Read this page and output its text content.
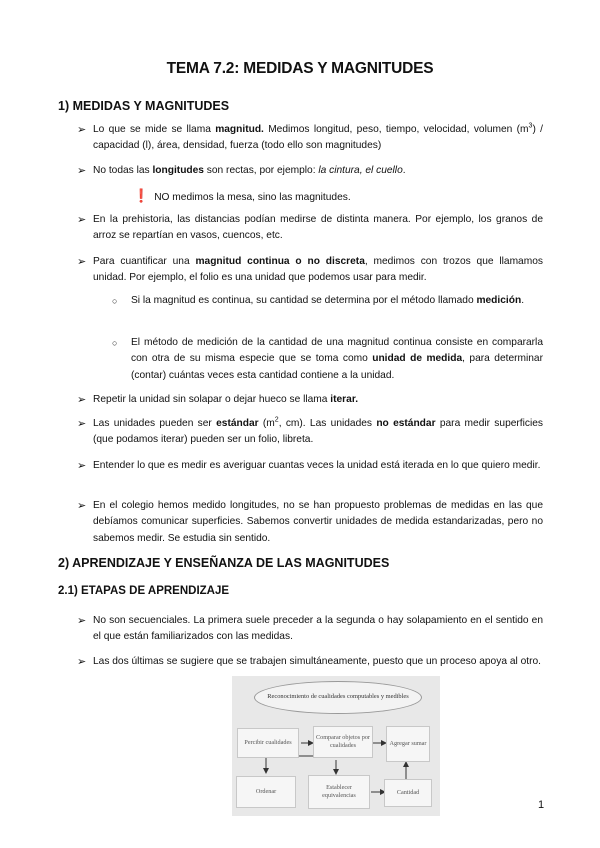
TEMA 7.2: MEDIDAS Y MAGNITUDES
1) MEDIDAS Y MAGNITUDES
➢ Lo que se mide se llama magnitud. Medimos longitud, peso, tiempo, velocidad, volumen $(m^3)$ / capacidad (l), área, densidad, fuerza (todo ello son magnitudes)
➢ No todas las longitudes son rectas, por ejemplo: la cintura, el cuello.
❗ NO medimos la mesa, sino las magnitudes.
➢ En la prehistoria, las distancias podían medirse de distinta manera. Por ejemplo, los granos de arroz se repartían en vasos, cuencos, etc.
➢ Para cuantificar una magnitud continua o no discreta, medimos con trozos que llamamos unidad. Por ejemplo, el folio es una unidad que podemos usar para medir.
○ Si la magnitud es continua, su cantidad se determina por el método llamado medición.
○ El método de medición de la cantidad de una magnitud continua consiste en compararla con otra de su misma especie que se toma como unidad de medida, para determinar (contar) cuántas veces esta cantidad contiene a la unidad.
➢ Repetir la unidad sin solapar o dejar hueco se llama iterar.
➢ Las unidades pueden ser estándar ($m^2$, cm). Las unidades no estándar para medir superficies (que podamos iterar) pueden ser un folio, libreta.
➢ Entender lo que es medir es averiguar cuantas veces la unidad está iterada en lo que quiero medir.
➢ En el colegio hemos medido longitudes, no se han propuesto problemas de medidas en las que debíamos comunicar superficies. Sabemos convertir unidades de medida estandarizadas, pero no sabemos medir. Se estudia sin sentido.
2) APRENDIZAJE Y ENSEÑANZA DE LAS MAGNITUDES
2.1) ETAPAS DE APRENDIZAJE
➢ No son secuenciales. La primera suele preceder a la segunda o hay solapamiento en el sentido en el que están familiarizados con las medidas.
➢ Las dos últimas se sugiere que se trabajen simultáneamente, puesto que un proceso apoya al otro.
Reconocimiento de cualidades computables y medibles
Percibir cualidades
Comparar objetos por cualidades	Agregar sumar
Ordenar
Establecer equivalencias	Cantidad
1
